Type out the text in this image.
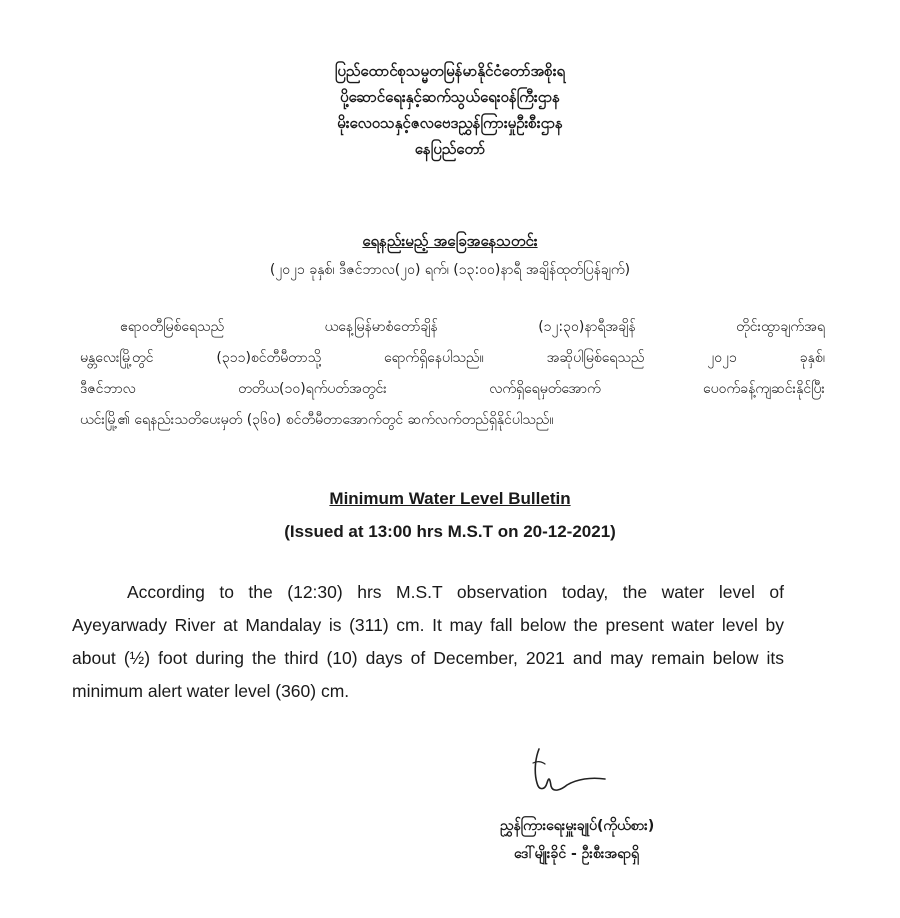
ပြည်ထောင်စုသမ္မတမြန်မာနိုင်ငံတော်အစိုးရ
ပို့ဆောင်ရေးနှင့်ဆက်သွယ်ရေးဝန်ကြီးဌာန
မိုးလေဝသနှင့်ဇလဗေဒညွှန်ကြားမှုဦးစီးဌာန
နေပြည်တော်
ရေနည်းမည့် အခြေအနေသတင်း
(၂၀၂၁ ခုနှစ်၊ ဒီဇင်ဘာလ(၂၀) ရက်၊ (၁၃:၀၀)နာရီ အချိန်ထုတ်ပြန်ချက်)
ဧရာဝတီမြစ်ရေသည် ယနေ့မြန်မာစံတော်ချိန် (၁၂:၃၀)နာရီအချိန် တိုင်းထွာချက်အရ
မန္တလေးမြို့တွင် (၃၁၁)စင်တီမီတာသို့ ရောက်ရှိနေပါသည်။ အဆိုပါမြစ်ရေသည် ၂၀၂၁ ခုနှစ်၊
ဒီဇင်ဘာလ တတိယ(၁၀)ရက်ပတ်အတွင်း လက်ရှိရေမှတ်အောက် ပေဝက်ခန့်ကျဆင်းနိုင်ပြီး
ယင်းမြို့၏ ရေနည်းသတိပေးမှတ် (၃၆၀) စင်တီမီတာအောက်တွင် ဆက်လက်တည်ရှိနိုင်ပါသည်။
Minimum Water Level Bulletin
(Issued at 13:00 hrs M.S.T on 20-12-2021)
According to the (12:30) hrs M.S.T observation today, the water level of
Ayeyarwady River at Mandalay is (311) cm. It may fall below the present water level by
about (½) foot during the third (10) days of December, 2021 and may remain below its
minimum alert water level (360) cm.
ညွှန်ကြားရေးမှူးချုပ်(ကိုယ်စား)
ဒေါ်မျိုးခိုင် - ဦးစီးအရာရှိ
